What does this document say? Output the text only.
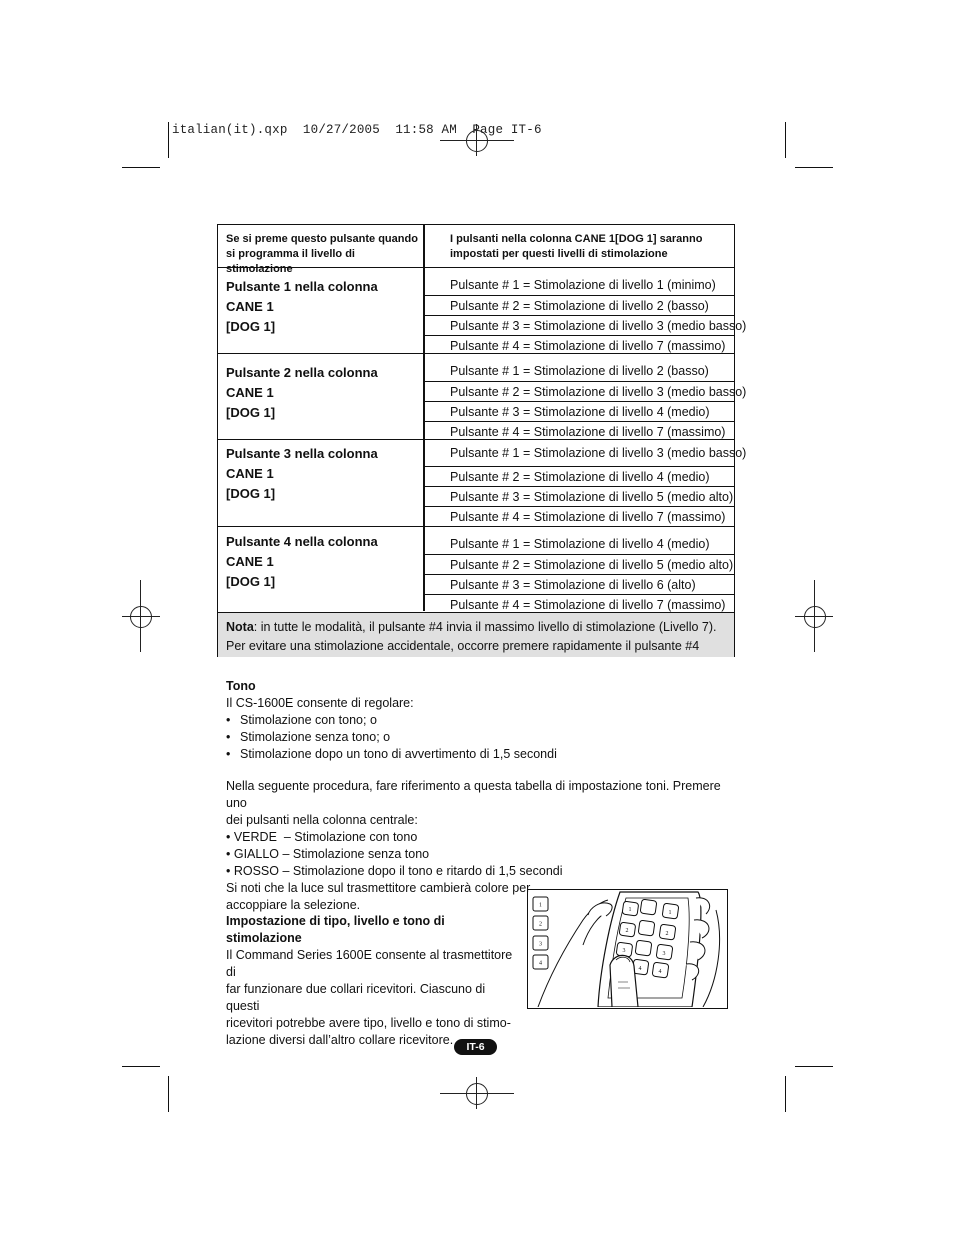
italian(it).qxp  10/27/2005  11:58 AM  Page IT-6
Se si preme questo pulsante quando si programma il livello di stimolazione
I pulsanti nella colonna CANE 1[DOG 1] saranno impostati per questi livelli di stimolazione
Pulsante 1 nella colonna CANE 1
[DOG 1]
Pulsante # 1 = Stimolazione di livello 1 (minimo)
Pulsante # 2 = Stimolazione di livello 2 (basso)
Pulsante # 3 = Stimolazione di livello 3 (medio basso)
Pulsante # 4 = Stimolazione di livello 7 (massimo)
Pulsante 2 nella colonna CANE 1
[DOG 1]
Pulsante # 1 = Stimolazione di livello 2 (basso)
Pulsante # 2 = Stimolazione di livello 3 (medio basso)
Pulsante # 3 = Stimolazione di livello 4 (medio)
Pulsante # 4 = Stimolazione di livello 7 (massimo)
Pulsante 3 nella colonna CANE 1
[DOG 1]
Pulsante # 1 = Stimolazione di livello 3 (medio basso)
Pulsante # 2 = Stimolazione di livello 4 (medio)
Pulsante # 3 = Stimolazione di livello 5 (medio alto)
Pulsante # 4 = Stimolazione di livello 7 (massimo)
Pulsante 4 nella colonna CANE 1
[DOG 1]
Pulsante # 1 = Stimolazione di livello 4 (medio)
Pulsante # 2 = Stimolazione di livello 5 (medio alto)
Pulsante # 3 = Stimolazione di livello 6 (alto)
Pulsante # 4 = Stimolazione di livello 7 (massimo)
Nota: in tutte le modalità, il pulsante #4 invia il massimo livello di stimolazione (Livello 7).
Per evitare una stimolazione accidentale, occorre premere rapidamente il pulsante #4
Tono
Il CS-1600E consente di regolare:
• Stimolazione con tono; o
• Stimolazione senza tono; o
• Stimolazione dopo un tono di avvertimento di 1,5 secondi
Nella seguente procedura, fare riferimento a questa tabella di impostazione toni. Premere uno
dei pulsanti nella colonna centrale:
• VERDE  – Stimolazione con tono
• GIALLO – Stimolazione senza tono
• ROSSO – Stimolazione dopo il tono e ritardo di 1,5 secondi
Si noti che la luce sul trasmettitore cambierà colore per
accoppiare la selezione.
Impostazione di tipo, livello e tono di stimolazione
Il Command Series 1600E consente al trasmettitore di
far funzionare due collari ricevitori. Ciascuno di questi
ricevitori potrebbe avere tipo, livello e tono di stimo-
lazione diversi dall’altro collare ricevitore.
1
2
3
4
1	1
2	2
3	3
4	4
IT-6
